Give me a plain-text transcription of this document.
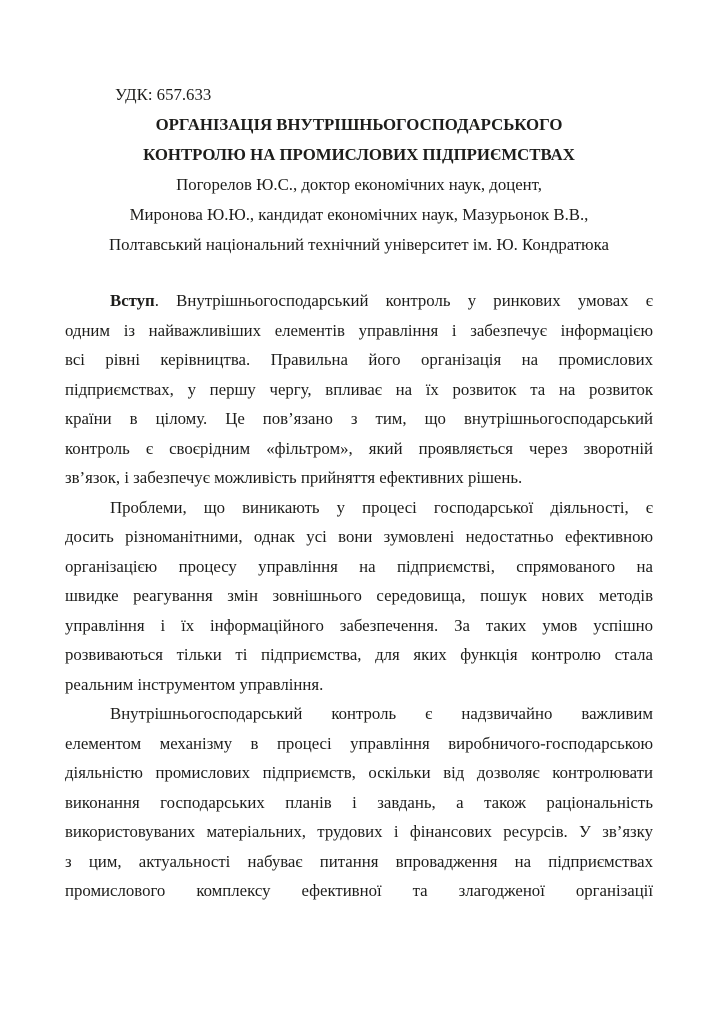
УДК: 657.633
ОРГАНІЗАЦІЯ ВНУТРІШНЬОГОСПОДАРСЬКОГО
КОНТРОЛЮ НА ПРОМИСЛОВИХ ПІДПРИЄМСТВАХ
Погорелов Ю.С., доктор економічних наук, доцент,
Миронова Ю.Ю., кандидат економічних наук, Мазурьонок В.В.,
Полтавський національний технічний університет ім. Ю. Кондратюка
Вступ. Внутрішньогосподарський контроль у ринкових умовах є
одним із найважливіших елементів управління і забезпечує інформацією
всі рівні керівництва. Правильна його організація на промислових
підприємствах, у першу чергу, впливає на їх розвиток та на розвиток
країни в цілому. Це пов’язано з тим, що внутрішньогосподарський
контроль є своєрідним «фільтром», який проявляється через зворотній
зв’язок, і забезпечує можливість прийняття ефективних рішень.
Проблеми, що виникають у процесі господарської діяльності, є
досить різноманітними, однак усі вони зумовлені недостатньо ефективною
організацією процесу управління на підприємстві, спрямованого на
швидке реагування змін зовнішнього середовища, пошук нових методів
управління і їх інформаційного забезпечення. За таких умов успішно
розвиваються тільки ті підприємства, для яких функція контролю стала
реальним інструментом управління.
Внутрішньогосподарський контроль є надзвичайно важливим
елементом механізму в процесі управління виробничого-господарською
діяльністю промислових підприємств, оскільки від дозволяє контролювати
виконання господарських планів і завдань, а також раціональність
використовуваних матеріальних, трудових і фінансових ресурсів. У зв’язку
з цим, актуальності набуває питання впровадження на підприємствах
промислового комплексу ефективної та злагодженої організації
